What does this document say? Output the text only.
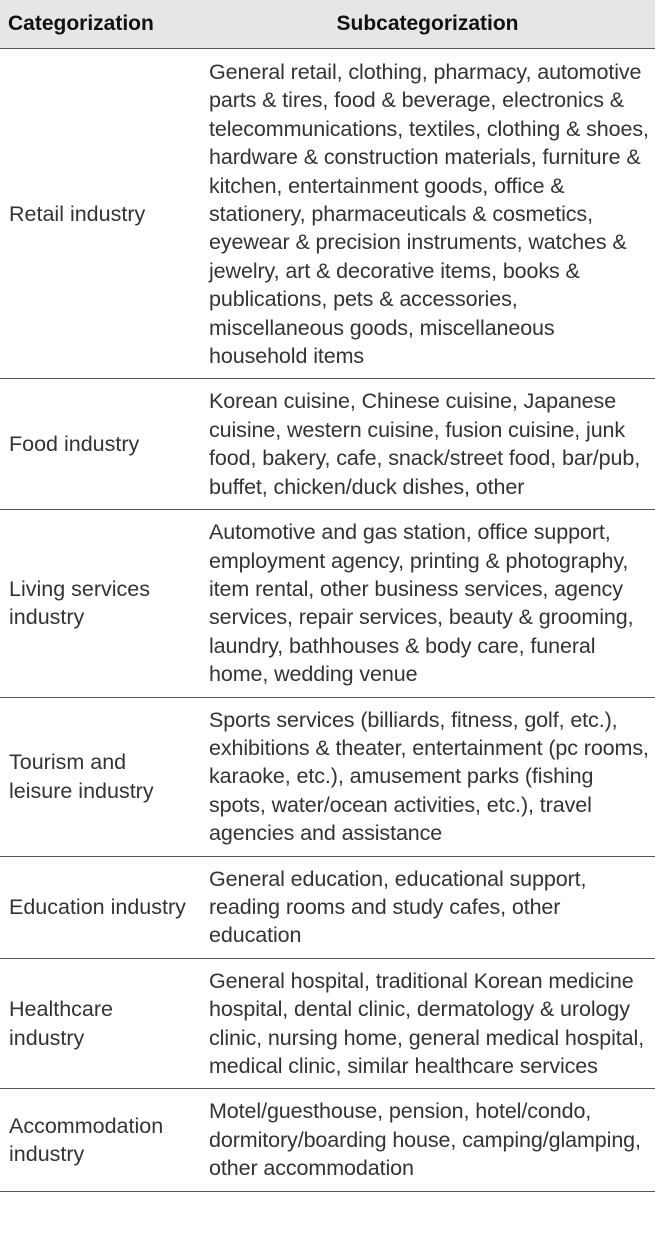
Categorization	Subcategorization
Retail industry	General retail, clothing, pharmacy, automotive parts & tires, food & beverage, electronics & telecommunications, textiles, clothing & shoes, hardware & construction materials, furniture & kitchen, entertainment goods, office & stationery, pharmaceuticals & cosmetics, eyewear & precision instruments, watches & jewelry, art & decorative items, books & publications, pets & accessories, miscellaneous goods, miscellaneous household items
Food industry	Korean cuisine, Chinese cuisine, Japanese cuisine, western cuisine, fusion cuisine, junk food, bakery, cafe, snack/street food, bar/pub, buffet, chicken/duck dishes, other
Living services industry	Automotive and gas station, office support, employment agency, printing & photography, item rental, other business services, agency services, repair services, beauty & grooming, laundry, bathhouses & body care, funeral home, wedding venue
Tourism and leisure industry	Sports services (billiards, fitness, golf, etc.), exhibitions & theater, entertainment (pc rooms, karaoke, etc.), amusement parks (fishing spots, water/ocean activities, etc.), travel agencies and assistance
Education industry	General education, educational support, reading rooms and study cafes, other education
Healthcare industry	General hospital, traditional Korean medicine hospital, dental clinic, dermatology & urology clinic, nursing home, general medical hospital, medical clinic, similar healthcare services
Accommodation industry	Motel/guesthouse, pension, hotel/condo, dormitory/boarding house, camping/glamping, other accommodation
